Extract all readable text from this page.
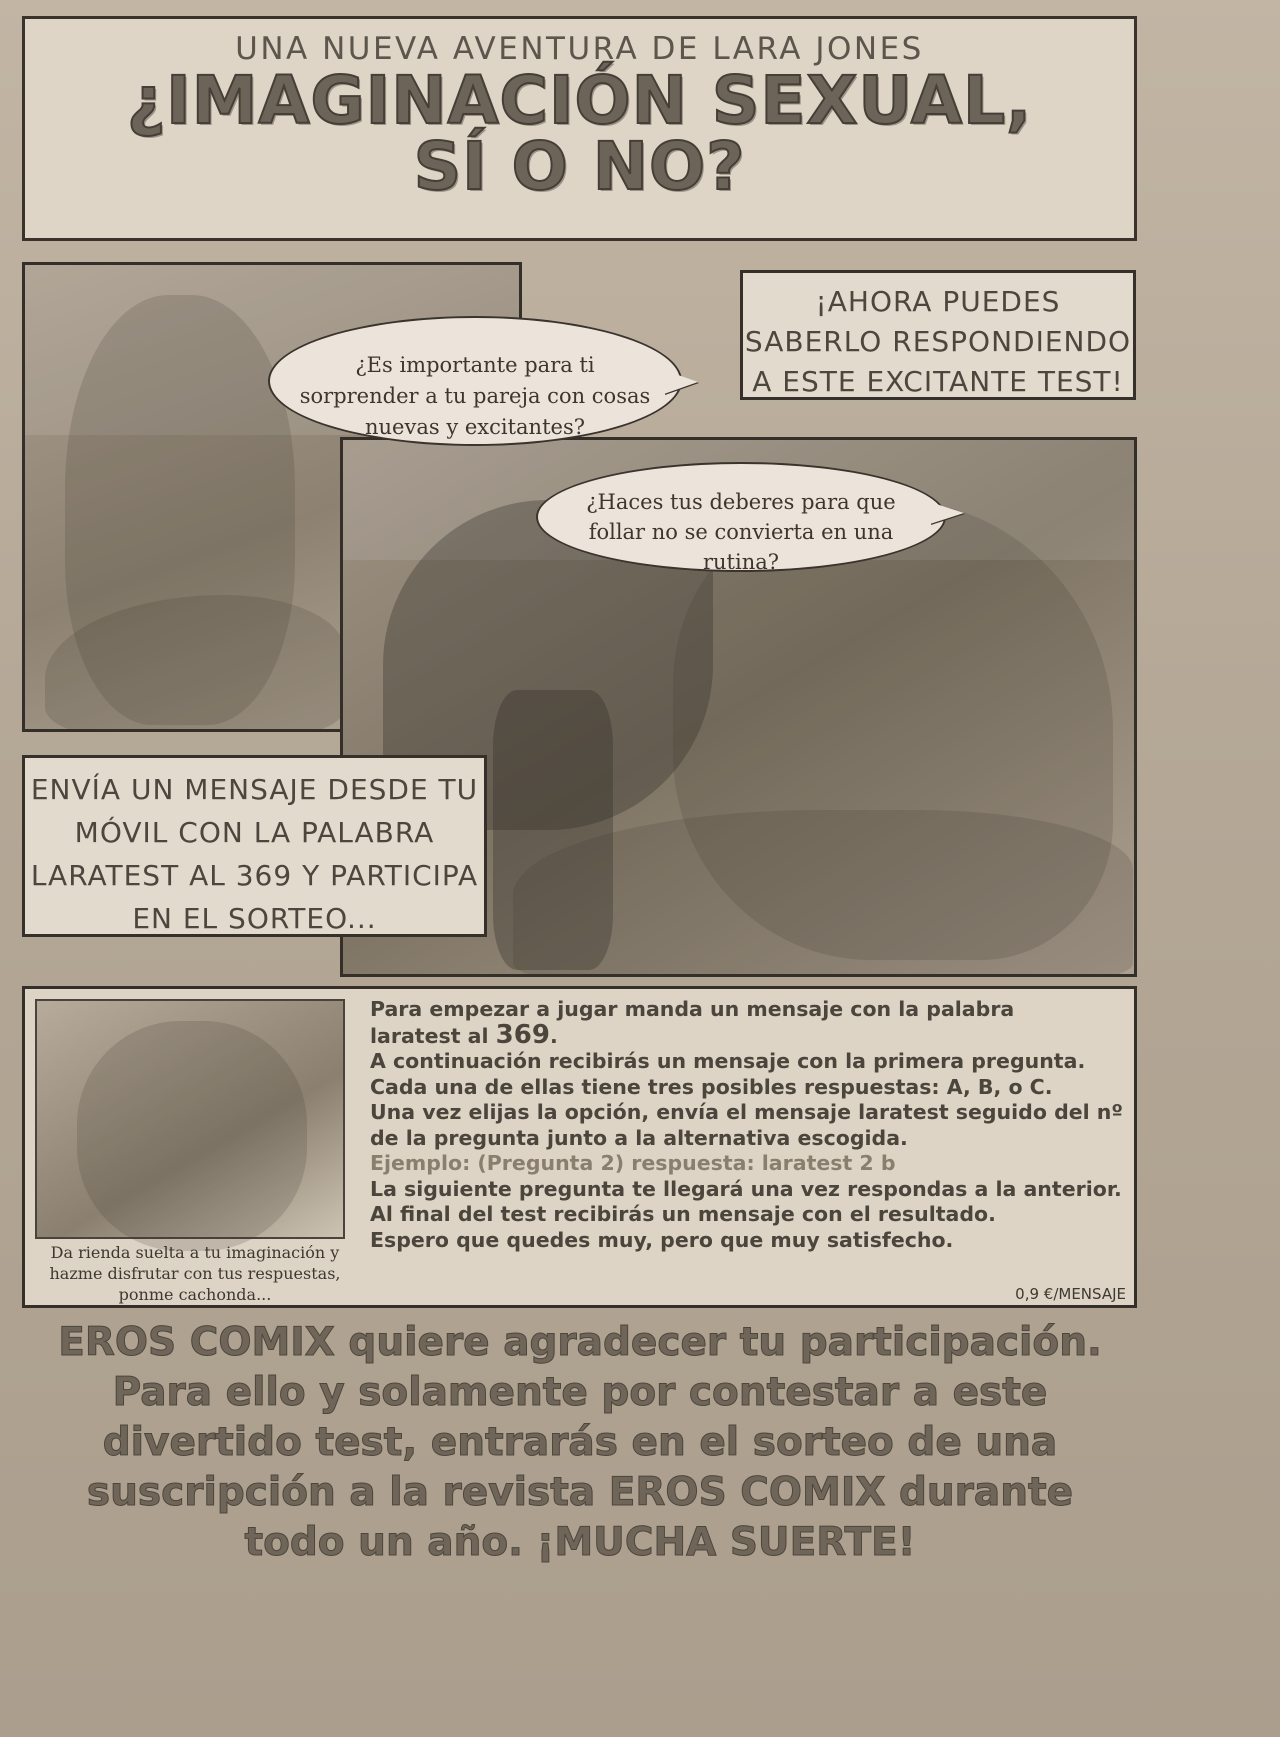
UNA NUEVA AVENTURA DE LARA JONES
¿IMAGINACIÓN SEXUAL,
SÍ O NO?
¿Es importante para ti sorprender a tu pareja con cosas nuevas y excitantes?
¿Haces tus deberes para que follar no se convierta en una rutina?
¡AHORA PUEDES SABERLO RESPONDIENDO A ESTE EXCITANTE TEST!
ENVÍA UN MENSAJE DESDE TU MÓVIL CON LA PALABRA LARATEST AL 369 Y PARTICIPA EN EL SORTEO...
Da rienda suelta a tu imaginación y hazme disfrutar con tus respuestas, ponme cachonda...
Para empezar a jugar manda un mensaje con la palabra
laratest al 369.
A continuación recibirás un mensaje con la primera pregunta.
Cada una de ellas tiene tres posibles respuestas: A, B, o C.
Una vez elijas la opción, envía el mensaje laratest seguido del nº de la pregunta junto a la alternativa escogida.
Ejemplo: (Pregunta 2) respuesta: laratest 2 b
La siguiente pregunta te llegará una vez respondas a la anterior.
Al final del test recibirás un mensaje con el resultado.
Espero que quedes muy, pero que muy satisfecho.
0,9 €/MENSAJE
EROS COMIX quiere agradecer tu participación.
Para ello y solamente por contestar a este
divertido test, entrarás en el sorteo de una
suscripción a la revista EROS COMIX durante
todo un año. ¡MUCHA SUERTE!
